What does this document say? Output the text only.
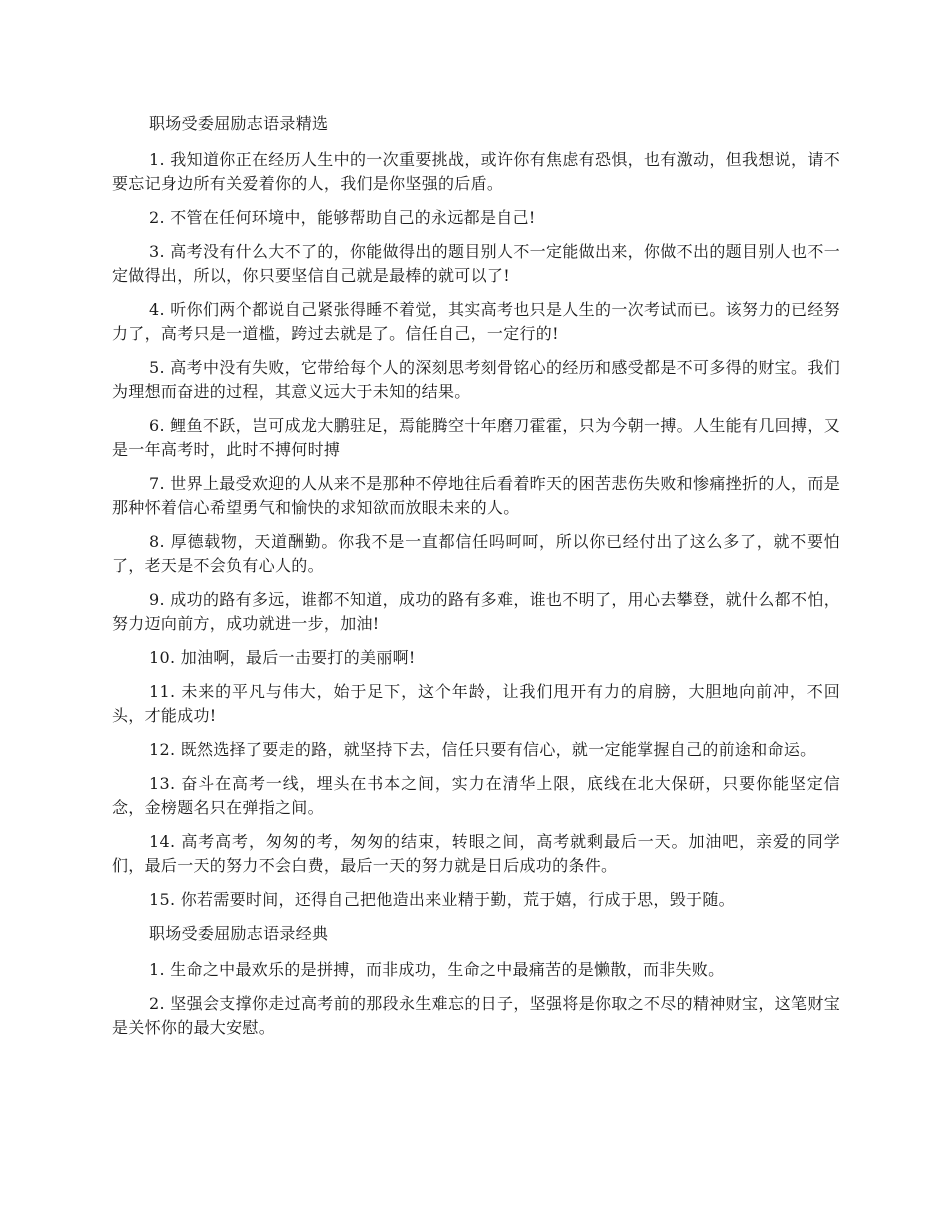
职场受委屈励志语录精选

1. 我知道你正在经历人生中的一次重要挑战，或许你有焦虑有恐惧，也有激动，但我想说，请不要忘记身边所有关爱着你的人，我们是你坚强的后盾。

2. 不管在任何环境中，能够帮助自己的永远都是自己!

3. 高考没有什么大不了的，你能做得出的题目别人不一定能做出来，你做不出的题目别人也不一定做得出，所以，你只要坚信自己就是最棒的就可以了!

4. 听你们两个都说自己紧张得睡不着觉，其实高考也只是人生的一次考试而已。该努力的已经努力了，高考只是一道槛，跨过去就是了。信任自己，一定行的!

5. 高考中没有失败，它带给每个人的深刻思考刻骨铭心的经历和感受都是不可多得的财宝。我们为理想而奋进的过程，其意义远大于未知的结果。

6. 鲤鱼不跃，岂可成龙大鹏驻足，焉能腾空十年磨刀霍霍，只为今朝一搏。人生能有几回搏，又是一年高考时，此时不搏何时搏

7. 世界上最受欢迎的人从来不是那种不停地往后看着昨天的困苦悲伤失败和惨痛挫折的人，而是那种怀着信心希望勇气和愉快的求知欲而放眼未来的人。

8. 厚德载物，天道酬勤。你我不是一直都信任吗呵呵，所以你已经付出了这么多了，就不要怕了，老天是不会负有心人的。

9. 成功的路有多远，谁都不知道，成功的路有多难，谁也不明了，用心去攀登，就什么都不怕，努力迈向前方，成功就进一步，加油!

10. 加油啊，最后一击要打的美丽啊!

11. 未来的平凡与伟大，始于足下，这个年龄，让我们甩开有力的肩膀，大胆地向前冲，不回头，才能成功!

12. 既然选择了要走的路，就坚持下去，信任只要有信心，就一定能掌握自己的前途和命运。

13. 奋斗在高考一线，埋头在书本之间，实力在清华上限，底线在北大保研，只要你能坚定信念，金榜题名只在弹指之间。

14. 高考高考，匆匆的考，匆匆的结束，转眼之间，高考就剩最后一天。加油吧，亲爱的同学们，最后一天的努力不会白费，最后一天的努力就是日后成功的条件。

15. 你若需要时间，还得自己把他造出来业精于勤，荒于嬉，行成于思，毁于随。

职场受委屈励志语录经典

1. 生命之中最欢乐的是拼搏，而非成功，生命之中最痛苦的是懒散，而非失败。

2. 坚强会支撑你走过高考前的那段永生难忘的日子，坚强将是你取之不尽的精神财宝，这笔财宝是关怀你的最大安慰。
